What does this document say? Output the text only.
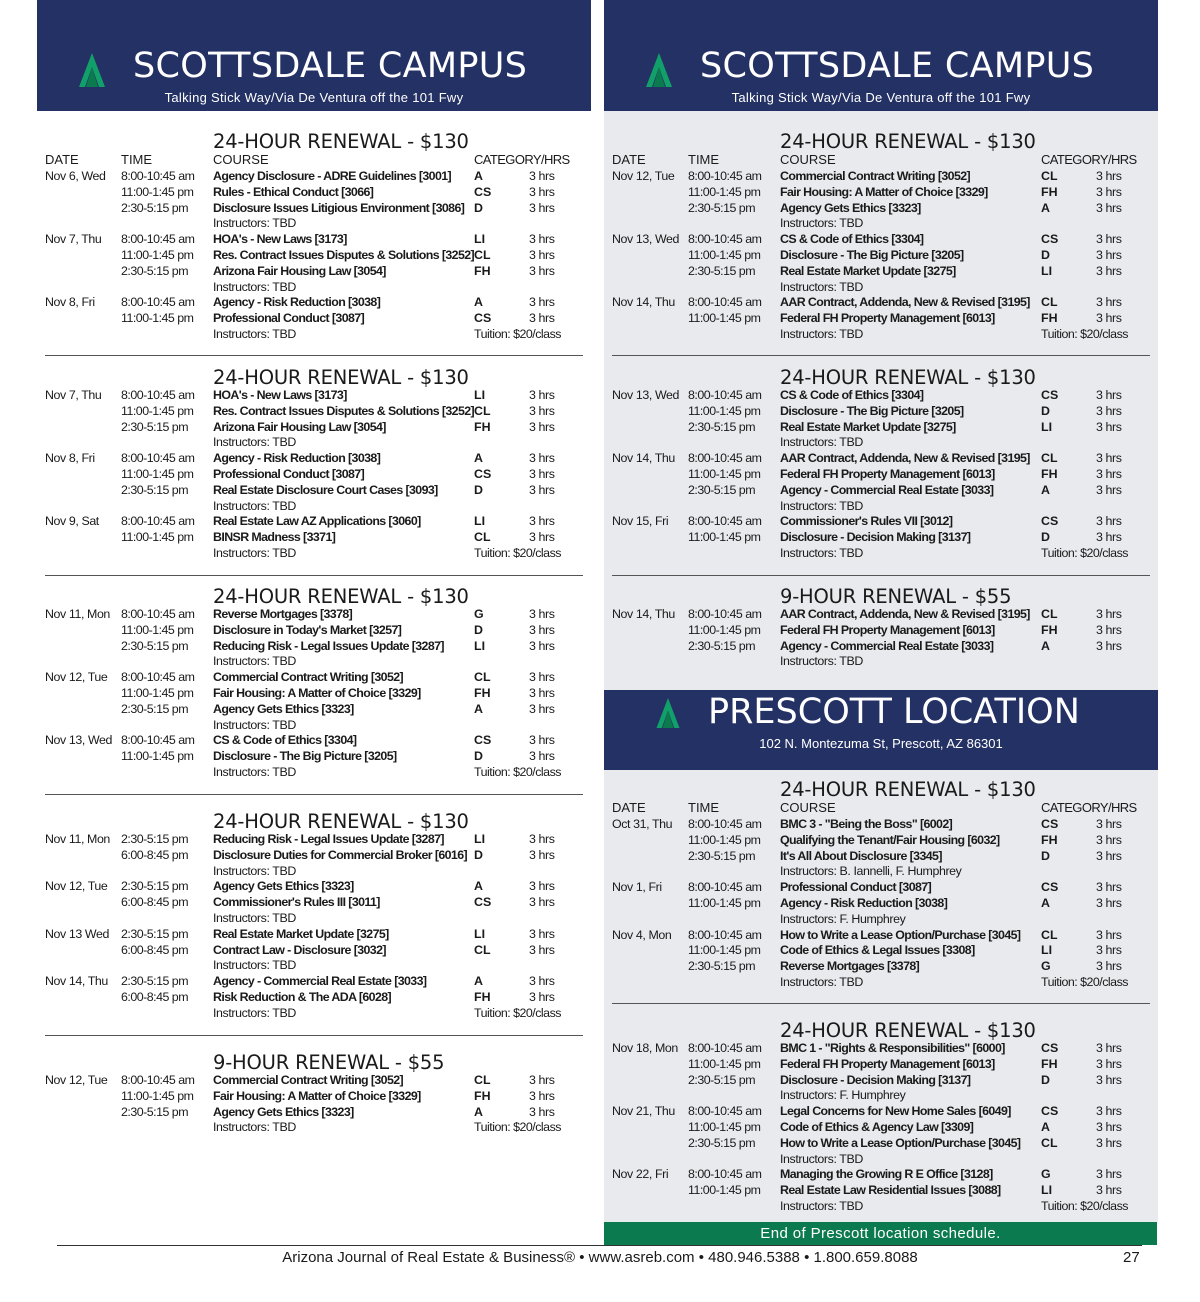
SCOTTSDALE CAMPUS
Talking Stick Way/Via De Ventura off the 101 Fwy
24-HOUR RENEWAL - $130
DATE	TIME	COURSE	CATEGORY/HRS
Nov 6, Wed 8:00-10:45 am Agency Disclosure - ADRE Guidelines [3001] A	3 hrs
11:00-1:45 pm Rules - Ethical Conduct [3066]	CS	3 hrs
2:30-5:15 pm Disclosure Issues Litigious Environment [3086] D	3 hrs
Instructors: TBD
Nov 7, Thu 8:00-10:45 am HOA's - New Laws [3173]	LI	3 hrs
11:00-1:45 pm Res. Contract Issues Disputes & Solutions [3252] CL	3 hrs
2:30-5:15 pm Arizona Fair Housing Law [3054]	FH	3 hrs
Instructors: TBD
Nov 8, Fri 8:00-10:45 am Agency - Risk Reduction [3038]	A	3 hrs
11:00-1:45 pm Professional Conduct [3087]	CS	3 hrs
Instructors: TBD	Tuition: $20/class
24-HOUR RENEWAL - $130
Nov 7, Thu 8:00-10:45 am HOA's - New Laws [3173]	LI	3 hrs
11:00-1:45 pm Res. Contract Issues Disputes & Solutions [3252] CL	3 hrs
2:30-5:15 pm Arizona Fair Housing Law [3054]	FH	3 hrs
Instructors: TBD
Nov 8, Fri 8:00-10:45 am Agency - Risk Reduction [3038]	A	3 hrs
11:00-1:45 pm Professional Conduct [3087]	CS	3 hrs
2:30-5:15 pm Real Estate Disclosure Court Cases [3093]	D	3 hrs
Instructors: TBD
Nov 9, Sat 8:00-10:45 am Real Estate Law AZ Applications [3060]	LI	3 hrs
11:00-1:45 pm BINSR Madness [3371]	CL	3 hrs
Instructors: TBD	Tuition: $20/class
24-HOUR RENEWAL - $130
Nov 11, Mon 8:00-10:45 am Reverse Mortgages [3378]	G	3 hrs
11:00-1:45 pm Disclosure in Today's Market [3257]	D	3 hrs
2:30-5:15 pm Reducing Risk - Legal Issues Update [3287] LI	3 hrs
Instructors: TBD
Nov 12, Tue 8:00-10:45 am Commercial Contract Writing [3052]	CL	3 hrs
11:00-1:45 pm Fair Housing: A Matter of Choice [3329]	FH	3 hrs
2:30-5:15 pm Agency Gets Ethics [3323]	A	3 hrs
Instructors: TBD
Nov 13, Wed 8:00-10:45 am CS & Code of Ethics [3304]	CS	3 hrs
11:00-1:45 pm Disclosure - The Big Picture [3205]	D	3 hrs
Instructors: TBD	Tuition: $20/class
24-HOUR RENEWAL - $130
Nov 11, Mon 2:30-5:15 pm Reducing Risk - Legal Issues Update [3287] LI	3 hrs
6:00-8:45 pm Disclosure Duties for Commercial Broker [6016] D	3 hrs
Instructors: TBD
Nov 12, Tue 2:30-5:15 pm Agency Gets Ethics [3323]	A	3 hrs
6:00-8:45 pm Commissioner's Rules III [3011]	CS	3 hrs
Instructors: TBD
Nov 13 Wed 2:30-5:15 pm Real Estate Market Update [3275]	LI	3 hrs
6:00-8:45 pm Contract Law - Disclosure [3032]	CL	3 hrs
Instructors: TBD
Nov 14, Thu 2:30-5:15 pm Agency - Commercial Real Estate [3033]	A	3 hrs
6:00-8:45 pm Risk Reduction & The ADA [6028]	FH	3 hrs
Instructors: TBD	Tuition: $20/class
9-HOUR RENEWAL - $55
Nov 12, Tue 8:00-10:45 am Commercial Contract Writing [3052]	CL	3 hrs
11:00-1:45 pm Fair Housing: A Matter of Choice [3329]	FH	3 hrs
2:30-5:15 pm Agency Gets Ethics [3323]	A	3 hrs
Instructors: TBD	Tuition: $20/class
SCOTTSDALE CAMPUS
Talking Stick Way/Via De Ventura off the 101 Fwy
24-HOUR RENEWAL - $130
DATE	TIME	COURSE	CATEGORY/HRS
Nov 12, Tue 8:00-10:45 am Commercial Contract Writing [3052]	CL	3 hrs
11:00-1:45 pm Fair Housing: A Matter of Choice [3329]	FH	3 hrs
2:30-5:15 pm Agency Gets Ethics [3323]	A	3 hrs
Instructors: TBD
Nov 13, Wed 8:00-10:45 am CS & Code of Ethics [3304]	CS	3 hrs
11:00-1:45 pm Disclosure - The Big Picture [3205]	D	3 hrs
2:30-5:15 pm Real Estate Market Update [3275]	LI	3 hrs
Instructors: TBD
Nov 14, Thu 8:00-10:45 am AAR Contract, Addenda, New & Revised [3195] CL	3 hrs
11:00-1:45 pm Federal FH Property Management [6013]	FH	3 hrs
Instructors: TBD	Tuition: $20/class
24-HOUR RENEWAL - $130
Nov 13, Wed 8:00-10:45 am CS & Code of Ethics [3304]	CS	3 hrs
11:00-1:45 pm Disclosure - The Big Picture [3205]	D	3 hrs
2:30-5:15 pm Real Estate Market Update [3275]	LI	3 hrs
Instructors: TBD
Nov 14, Thu 8:00-10:45 am AAR Contract, Addenda, New & Revised [3195] CL	3 hrs
11:00-1:45 pm Federal FH Property Management [6013]	FH	3 hrs
2:30-5:15 pm Agency - Commercial Real Estate [3033]	A	3 hrs
Instructors: TBD
Nov 15, Fri 8:00-10:45 am Commissioner's Rules VII [3012]	CS	3 hrs
11:00-1:45 pm Disclosure - Decision Making [3137]	D	3 hrs
Instructors: TBD	Tuition: $20/class
9-HOUR RENEWAL - $55
Nov 14, Thu 8:00-10:45 am AAR Contract, Addenda, New & Revised [3195] CL	3 hrs
11:00-1:45 pm Federal FH Property Management [6013]	FH	3 hrs
2:30-5:15 pm Agency - Commercial Real Estate [3033]	A	3 hrs
Instructors: TBD
PRESCOTT LOCATION
102 N. Montezuma St, Prescott, AZ 86301
24-HOUR RENEWAL - $130
DATE	TIME	COURSE	CATEGORY/HRS
Oct 31, Thu 8:00-10:45 am BMC 3 - "Being the Boss" [6002]	CS	3 hrs
11:00-1:45 pm Qualifying the Tenant/Fair Housing [6032]	FH	3 hrs
2:30-5:15 pm It's All About Disclosure [3345]	D	3 hrs
Instructors: B. Iannelli, F. Humphrey
Nov 1, Fri 8:00-10:45 am Professional Conduct [3087]	CS	3 hrs
11:00-1:45 pm Agency - Risk Reduction [3038]	A	3 hrs
Instructors: F. Humphrey
Nov 4, Mon 8:00-10:45 am How to Write a Lease Option/Purchase [3045] CL	3 hrs
11:00-1:45 pm Code of Ethics & Legal Issues [3308]	LI	3 hrs
2:30-5:15 pm Reverse Mortgages [3378]	G	3 hrs
Instructors: TBD	Tuition: $20/class
24-HOUR RENEWAL - $130
Nov 18, Mon 8:00-10:45 am BMC 1 - "Rights & Responsibilities" [6000]	CS	3 hrs
11:00-1:45 pm Federal FH Property Management [6013]	FH	3 hrs
2:30-5:15 pm Disclosure - Decision Making [3137]	D	3 hrs
Instructors: F. Humphrey
Nov 21, Thu 8:00-10:45 am Legal Concerns for New Home Sales [6049] CS	3 hrs
11:00-1:45 pm Code of Ethics & Agency Law [3309]	A	3 hrs
2:30-5:15 pm How to Write a Lease Option/Purchase [3045] CL	3 hrs
Instructors: TBD
Nov 22, Fri 8:00-10:45 am Managing the Growing R E Office [3128]	G	3 hrs
11:00-1:45 pm Real Estate Law Residential Issues [3088]	LI	3 hrs
Instructors: TBD	Tuition: $20/class
End of Prescott location schedule.
Arizona Journal of Real Estate & Business® • www.asreb.com • 480.946.5388 • 1.800.659.8088	27
